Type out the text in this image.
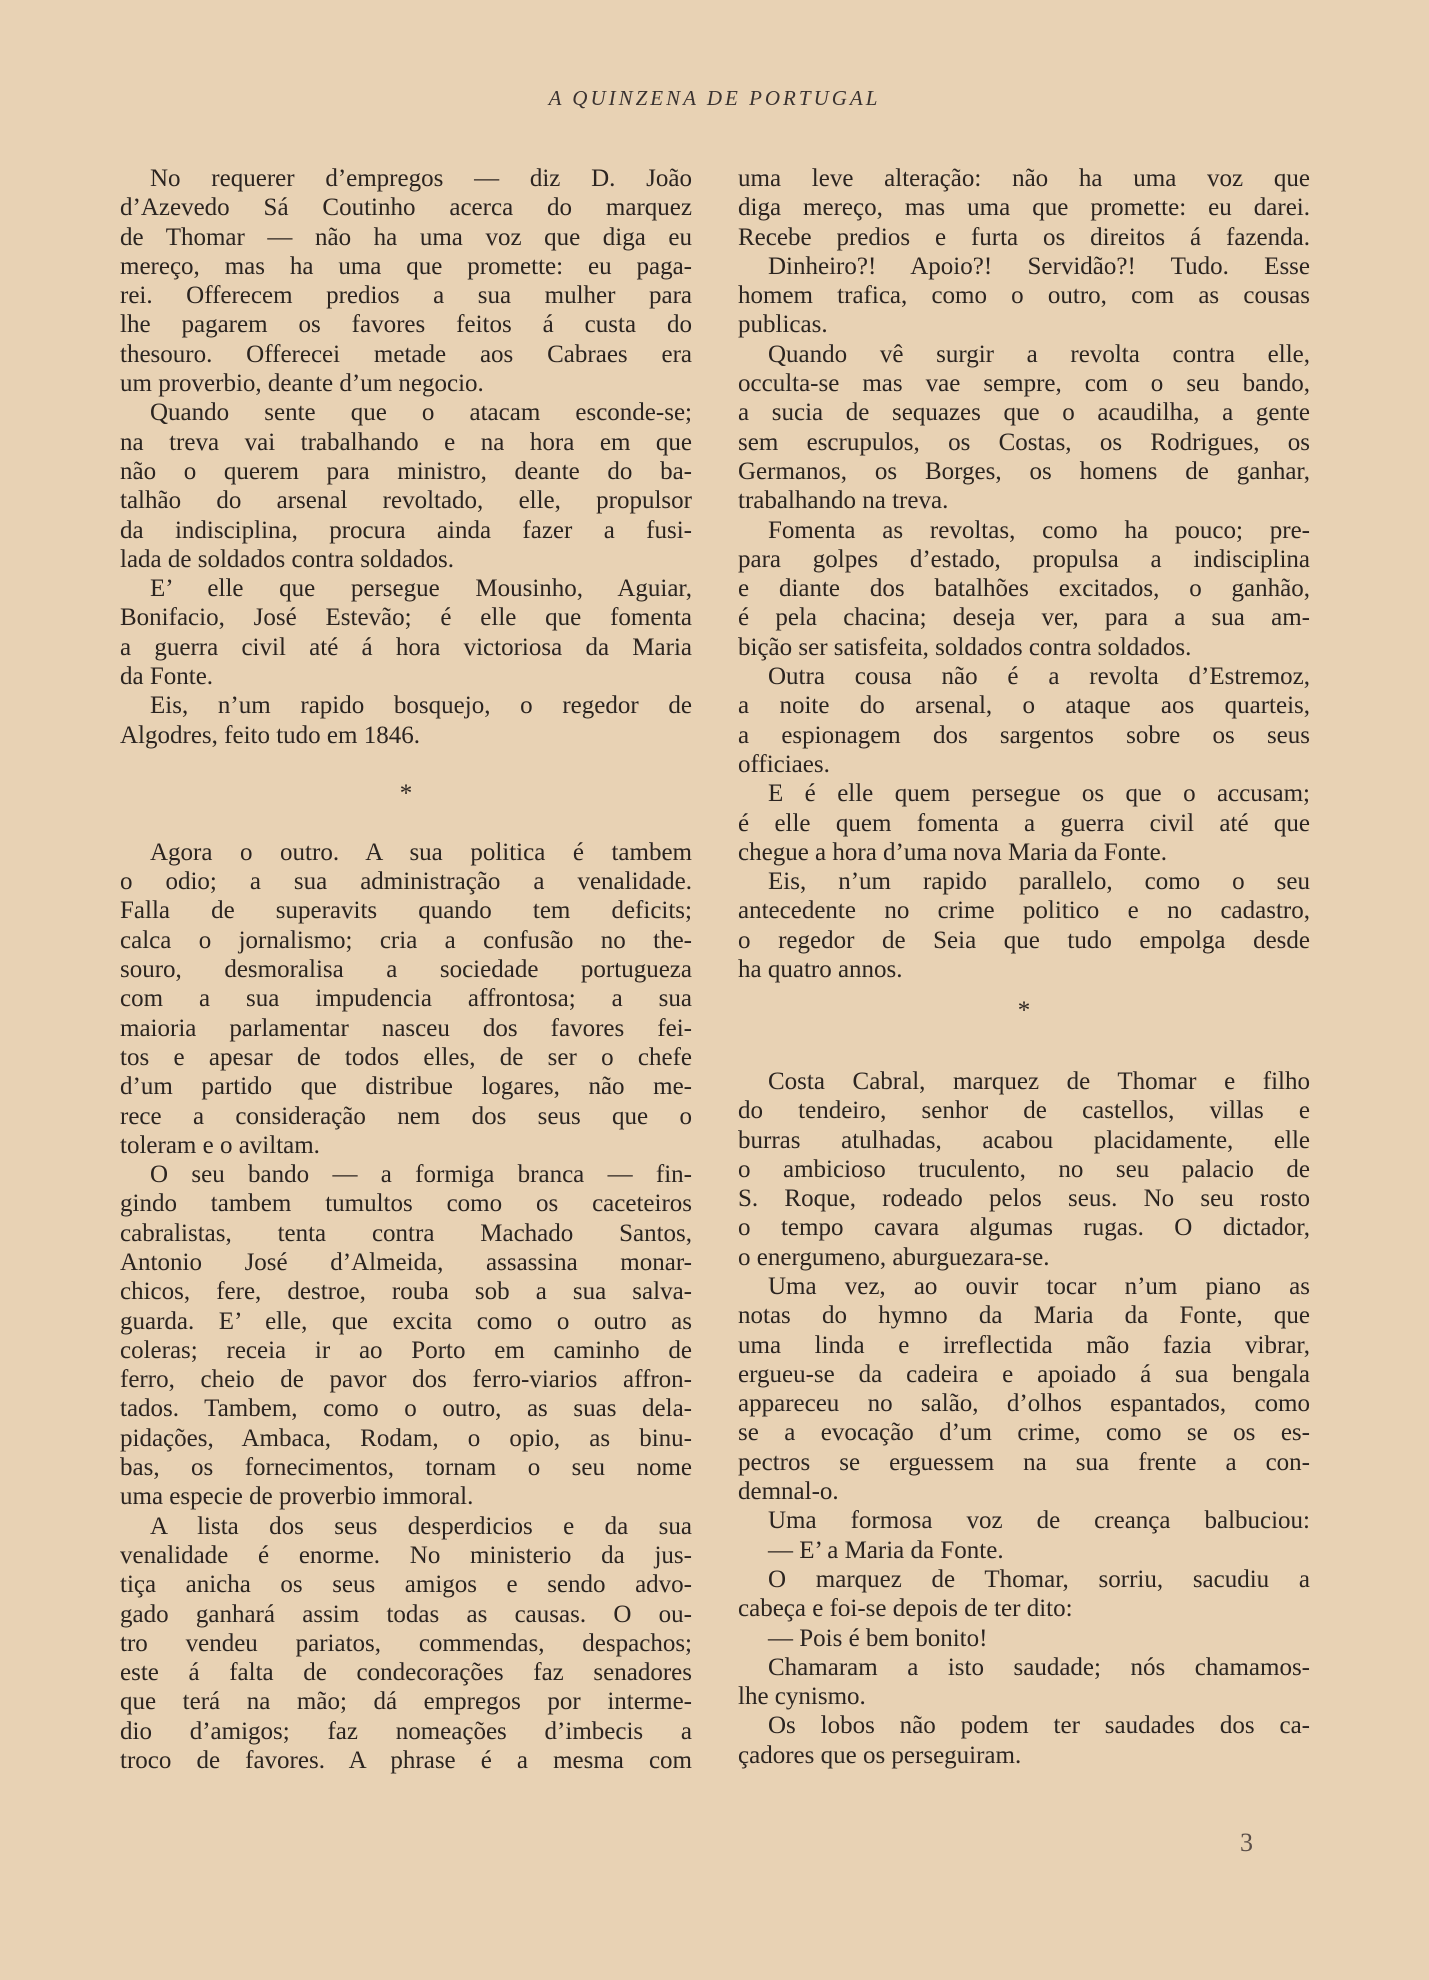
A QUINZENA DE PORTUGAL
No requerer d’empregos — diz D. João
d’Azevedo Sá Coutinho acerca do marquez
de Thomar — não ha uma voz que diga eu
mereço, mas ha uma que promette: eu paga-
rei. Offerecem predios a sua mulher para
lhe pagarem os favores feitos á custa do
thesouro. Offerecei metade aos Cabraes era
um proverbio, deante d’um negocio.
Quando sente que o atacam esconde-se;
na treva vai trabalhando e na hora em que
não o querem para ministro, deante do ba-
talhão do arsenal revoltado, elle, propulsor
da indisciplina, procura ainda fazer a fusi-
lada de soldados contra soldados.
E’ elle que persegue Mousinho, Aguiar,
Bonifacio, José Estevão; é elle que fomenta
a guerra civil até á hora victoriosa da Maria
da Fonte.
Eis, n’um rapido bosquejo, o regedor de
Algodres, feito tudo em 1846.
*
Agora o outro. A sua politica é tambem
o odio; a sua administração a venalidade.
Falla de superavits quando tem deficits;
calca o jornalismo; cria a confusão no the-
souro, desmoralisa a sociedade portugueza
com a sua impudencia affrontosa; a sua
maioria parlamentar nasceu dos favores fei-
tos e apesar de todos elles, de ser o chefe
d’um partido que distribue logares, não me-
rece a consideração nem dos seus que o
toleram e o aviltam.
O seu bando — a formiga branca — fin-
gindo tambem tumultos como os caceteiros
cabralistas, tenta contra Machado Santos,
Antonio José d’Almeida, assassina monar-
chicos, fere, destroe, rouba sob a sua salva-
guarda. E’ elle, que excita como o outro as
coleras; receia ir ao Porto em caminho de
ferro, cheio de pavor dos ferro-viarios affron-
tados. Tambem, como o outro, as suas dela-
pidações, Ambaca, Rodam, o opio, as binu-
bas, os fornecimentos, tornam o seu nome
uma especie de proverbio immoral.
A lista dos seus desperdicios e da sua
venalidade é enorme. No ministerio da jus-
tiça anicha os seus amigos e sendo advo-
gado ganhará assim todas as causas. O ou-
tro vendeu pariatos, commendas, despachos;
este á falta de condecorações faz senadores
que terá na mão; dá empregos por interme-
dio d’amigos; faz nomeações d’imbecis a
troco de favores. A phrase é a mesma com
uma leve alteração: não ha uma voz que
diga mereço, mas uma que promette: eu darei.
Recebe predios e furta os direitos á fazenda.
Dinheiro?! Apoio?! Servidão?! Tudo. Esse
homem trafica, como o outro, com as cousas
publicas.
Quando vê surgir a revolta contra elle,
occulta-se mas vae sempre, com o seu bando,
a sucia de sequazes que o acaudilha, a gente
sem escrupulos, os Costas, os Rodrigues, os
Germanos, os Borges, os homens de ganhar,
trabalhando na treva.
Fomenta as revoltas, como ha pouco; pre-
para golpes d’estado, propulsa a indisciplina
e diante dos batalhões excitados, o ganhão,
é pela chacina; deseja ver, para a sua am-
bição ser satisfeita, soldados contra soldados.
Outra cousa não é a revolta d’Estremoz,
a noite do arsenal, o ataque aos quarteis,
a espionagem dos sargentos sobre os seus
officiaes.
E é elle quem persegue os que o accusam;
é elle quem fomenta a guerra civil até que
chegue a hora d’uma nova Maria da Fonte.
Eis, n’um rapido parallelo, como o seu
antecedente no crime politico e no cadastro,
o regedor de Seia que tudo empolga desde
ha quatro annos.
*
Costa Cabral, marquez de Thomar e filho
do tendeiro, senhor de castellos, villas e
burras atulhadas, acabou placidamente, elle
o ambicioso truculento, no seu palacio de
S. Roque, rodeado pelos seus. No seu rosto
o tempo cavara algumas rugas. O dictador,
o energumeno, aburguezara-se.
Uma vez, ao ouvir tocar n’um piano as
notas do hymno da Maria da Fonte, que
uma linda e irreflectida mão fazia vibrar,
ergueu-se da cadeira e apoiado á sua bengala
appareceu no salão, d’olhos espantados, como
se a evocação d’um crime, como se os es-
pectros se erguessem na sua frente a con-
demnal-o.
Uma formosa voz de creança balbuciou:
— E’ a Maria da Fonte.
O marquez de Thomar, sorriu, sacudiu a
cabeça e foi-se depois de ter dito:
— Pois é bem bonito!
Chamaram a isto saudade; nós chamamos-
lhe cynismo.
Os lobos não podem ter saudades dos ca-
çadores que os perseguiram.
3
